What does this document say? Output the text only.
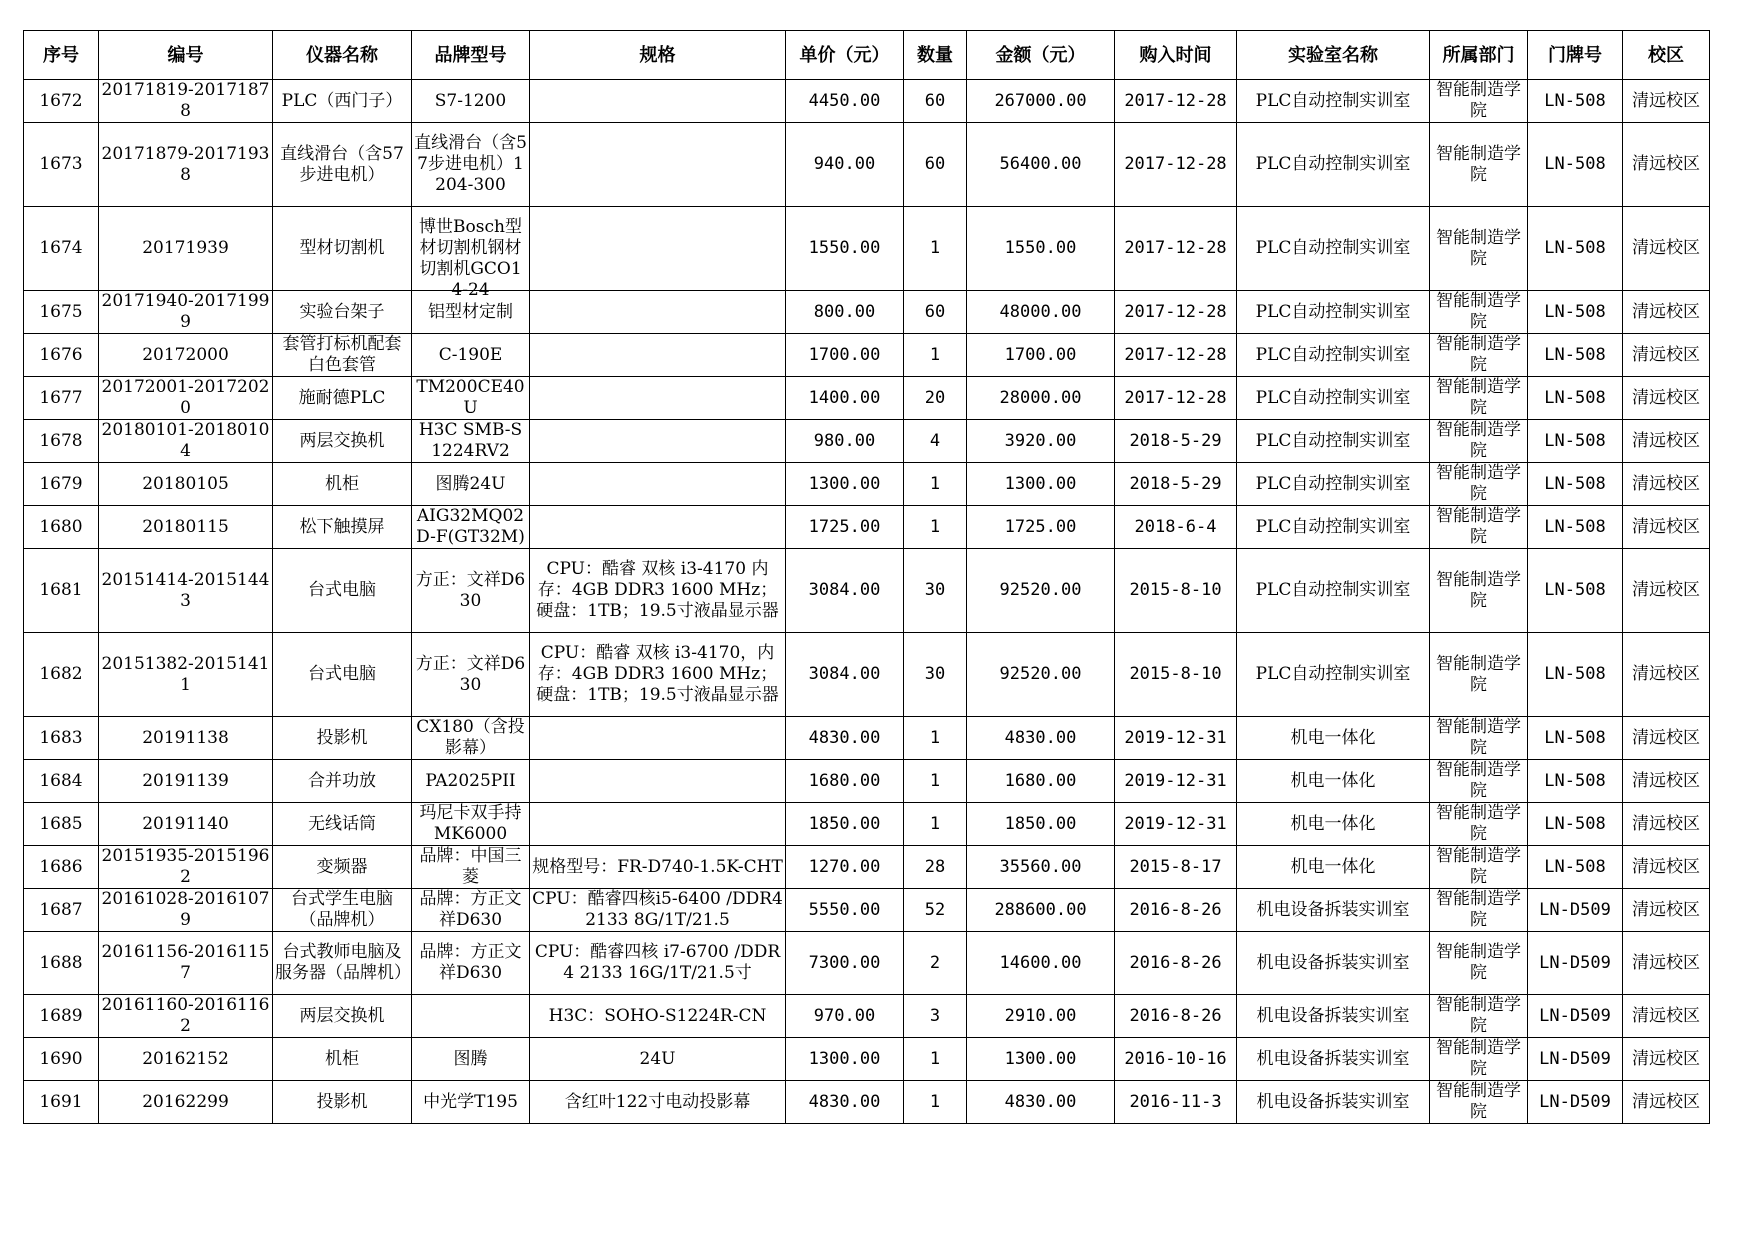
序号	编号	仪器名称	品牌型号	规格	单价（元）	数量	金额（元）	购入时间	实验室名称	所属部门	门牌号	校区

1672	20171819-20171878	PLC（西门子）	S7-1200		4450.00	60	267000.00	2017-12-28	PLC自动控制实训室	智能制造学院	LN-508	清远校区

1673	20171879-20171938	直线滑台（含57步进电机）	直线滑台（含57步进电机）1204-300		940.00	60	56400.00	2017-12-28	PLC自动控制实训室	智能制造学院	LN-508	清远校区

1674	20171939	型材切割机	博世Bosch型材切割机钢材切割机GCO14-24		1550.00	1	1550.00	2017-12-28	PLC自动控制实训室	智能制造学院	LN-508	清远校区

1675	20171940-20171999	实验台架子	铝型材定制		800.00	60	48000.00	2017-12-28	PLC自动控制实训室	智能制造学院	LN-508	清远校区

1676	20172000	套管打标机配套白色套管	C-190E		1700.00	1	1700.00	2017-12-28	PLC自动控制实训室	智能制造学院	LN-508	清远校区

1677	20172001-20172020	施耐德PLC	TM200CE40U		1400.00	20	28000.00	2017-12-28	PLC自动控制实训室	智能制造学院	LN-508	清远校区

1678	20180101-20180104	两层交换机	H3C SMB-S1224RV2		980.00	4	3920.00	2018-5-29	PLC自动控制实训室	智能制造学院	LN-508	清远校区

1679	20180105	机柜	图腾24U		1300.00	1	1300.00	2018-5-29	PLC自动控制实训室	智能制造学院	LN-508	清远校区

1680	20180115	松下触摸屏	AIG32MQ02D-F(GT32M)		1725.00	1	1725.00	2018-6-4	PLC自动控制实训室	智能制造学院	LN-508	清远校区

1681	20151414-20151443	台式电脑	方正：文祥D630	CPU：酷睿 双核 i3-4170 内存：4GB DDR3 1600 MHz；硬盘：1TB；19.5寸液晶显示器	3084.00	30	92520.00	2015-8-10	PLC自动控制实训室	智能制造学院	LN-508	清远校区

1682	20151382-20151411	台式电脑	方正：文祥D630	CPU：酷睿 双核 i3-4170，内存：4GB DDR3 1600 MHz；硬盘：1TB；19.5寸液晶显示器	3084.00	30	92520.00	2015-8-10	PLC自动控制实训室	智能制造学院	LN-508	清远校区

1683	20191138	投影机	CX180（含投影幕）		4830.00	1	4830.00	2019-12-31	机电一体化	智能制造学院	LN-508	清远校区

1684	20191139	合并功放	PA2025PII		1680.00	1	1680.00	2019-12-31	机电一体化	智能制造学院	LN-508	清远校区

1685	20191140	无线话筒	玛尼卡双手持MK6000		1850.00	1	1850.00	2019-12-31	机电一体化	智能制造学院	LN-508	清远校区

1686	20151935-20151962	变频器	品牌：中国三菱	规格型号：FR-D740-1.5K-CHT	1270.00	28	35560.00	2015-8-17	机电一体化	智能制造学院	LN-508	清远校区

1687	20161028-20161079	台式学生电脑（品牌机）	品牌：方正文祥D630	CPU：酷睿四核i5-6400 /DDR4 2133 8G/1T/21.5	5550.00	52	288600.00	2016-8-26	机电设备拆装实训室	智能制造学院	LN-D509	清远校区

1688	20161156-20161157	台式教师电脑及服务器（品牌机）	品牌：方正文祥D630	CPU：酷睿四核 i7-6700 /DDR4 2133 16G/1T/21.5寸	7300.00	2	14600.00	2016-8-26	机电设备拆装实训室	智能制造学院	LN-D509	清远校区

1689	20161160-20161162	两层交换机		H3C：SOHO-S1224R-CN	970.00	3	2910.00	2016-8-26	机电设备拆装实训室	智能制造学院	LN-D509	清远校区

1690	20162152	机柜	图腾	24U	1300.00	1	1300.00	2016-10-16	机电设备拆装实训室	智能制造学院	LN-D509	清远校区

1691	20162299	投影机	中光学T195	含红叶122寸电动投影幕	4830.00	1	4830.00	2016-11-3	机电设备拆装实训室	智能制造学院	LN-D509	清远校区
